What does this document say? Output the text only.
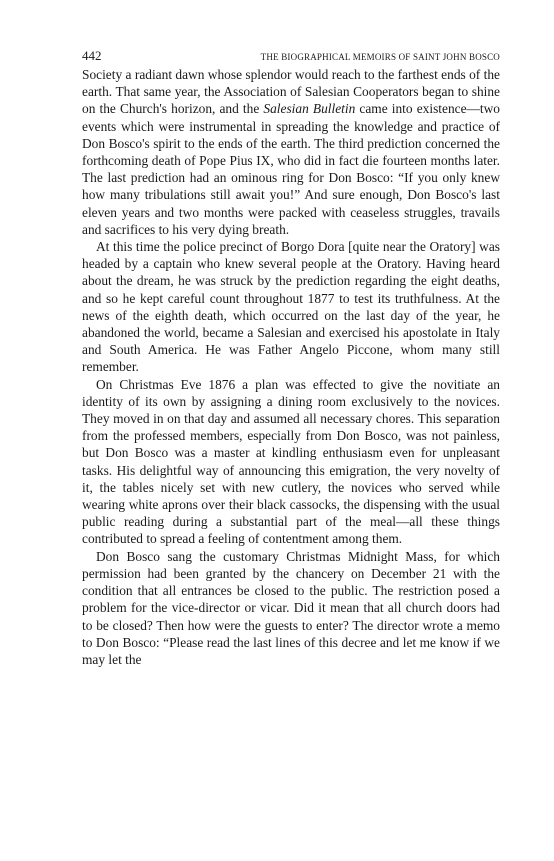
442	THE BIOGRAPHICAL MEMOIRS OF SAINT JOHN BOSCO

Society a radiant dawn whose splendor would reach to the farthest ends of the earth. That same year, the Association of Salesian Cooperators began to shine on the Church's horizon, and the Salesian Bulletin came into existence—two events which were instrumental in spreading the knowledge and practice of Don Bosco's spirit to the ends of the earth. The third prediction concerned the forthcoming death of Pope Pius IX, who did in fact die fourteen months later. The last prediction had an ominous ring for Don Bosco: “If you only knew how many tribulations still await you!” And sure enough, Don Bosco's last eleven years and two months were packed with ceaseless struggles, travails and sacrifices to his very dying breath.

At this time the police precinct of Borgo Dora [quite near the Oratory] was headed by a captain who knew several people at the Oratory. Having heard about the dream, he was struck by the prediction regarding the eight deaths, and so he kept careful count throughout 1877 to test its truthfulness. At the news of the eighth death, which occurred on the last day of the year, he abandoned the world, became a Salesian and exercised his apostolate in Italy and South America. He was Father Angelo Piccone, whom many still remember.

On Christmas Eve 1876 a plan was effected to give the novitiate an identity of its own by assigning a dining room exclusively to the novices. They moved in on that day and assumed all necessary chores. This separation from the professed members, especially from Don Bosco, was not painless, but Don Bosco was a master at kindling enthusiasm even for unpleasant tasks. His delightful way of announcing this emigration, the very novelty of it, the tables nicely set with new cutlery, the novices who served while wearing white aprons over their black cassocks, the dispensing with the usual public reading during a substantial part of the meal—all these things contributed to spread a feeling of contentment among them.

Don Bosco sang the customary Christmas Midnight Mass, for which permission had been granted by the chancery on December 21 with the condition that all entrances be closed to the public. The restriction posed a problem for the vice-director or vicar. Did it mean that all church doors had to be closed? Then how were the guests to enter? The director wrote a memo to Don Bosco: “Please read the last lines of this decree and let me know if we may let the
